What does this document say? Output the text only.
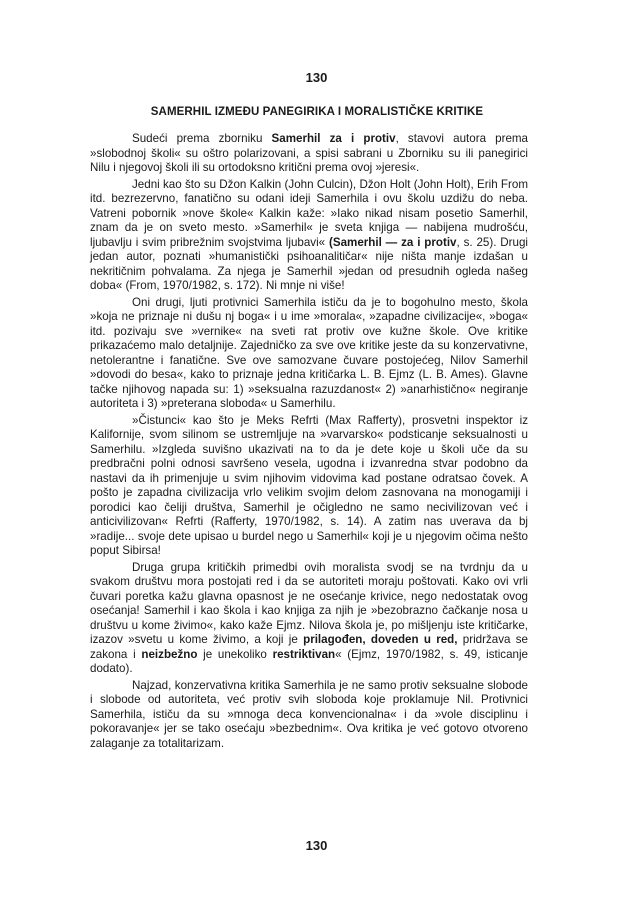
130
SAMERHIL IZMEĐU PANEGIRIKA I MORALISTIČKE KRITIKE

Sudeći prema zborniku Samerhil za i protiv, stavovi autora prema »slobodnoj školi« su oštro polarizovani, a spisi sabrani u Zborniku su ili panegirici Nilu i njegovoj školi ili su ortodoksno kritični prema ovoj »jeresi«.

Jedni kao što su Džon Kalkin (John Culcin), Džon Holt (John Holt), Erih From itd. bezrezervno, fanatično su odani ideji Samerhila i ovu školu uzdižu do neba. Vatreni pobornik »nove škole« Kalkin kaže: »Iako nikad nisam posetio Samerhil, znam da je on sveto mesto. »Samerhil« je sveta knjiga — nabijena mudrošću, ljubavlju i svim pribrežnim svojstvima ljubavi« (Samerhil — za i protiv, s. 25). Drugi jedan autor, poznati »humanistički psihoanalitičar« nije ništa manje izdašan u nekritičnim pohvalama. Za njega je Samerhil »jedan od presudnih ogleda našeg doba« (From, 1970/1982, s. 172). Ni mnje ni više!

Oni drugi, ljuti protivnici Samerhila ističu da je to bogohulno mesto, škola »koja ne priznaje ni dušu nj boga« i u ime »morala«, »zapadne civilizacije«, »boga« itd. pozivaju sve »vernike« na sveti rat protiv ove kužne škole. Ove kritike prikazaćemo malo detaljnije. Zajedničko za sve ove kritike jeste da su konzervativne, netolerantne i fanatične. Sve ove samozvane čuvare postojećeg, Nilov Samerhil »dovodi do besa«, kako to priznaje jedna kritičarka L. B. Ejmz (L. B. Ames). Glavne tačke njihovog napada su: 1) »seksualna razuzdanost« 2) »anarhistično« negiranje autoriteta i 3) »preterana sloboda« u Samerhilu.

»Čistunci« kao što je Meks Refrti (Max Rafferty), prosvetni inspektor iz Kalifornije, svom silinom se ustremljuje na »varvarsko« podsticanje seksualnosti u Samerhilu. »Izgleda suvišno ukazivati na to da je dete koje u školi uče da su predbračni polni odnosi savršeno vesela, ugodna i izvanredna stvar podobno da nastavi da ih primenjuje u svim njihovim vidovima kad postane odratsao čovek. A pošto je zapadna civilizacija vrlo velikim svojim delom zasnovana na monogamiji i porodici kao čeliji društva, Samerhil je očigledno ne samo necivilizovan već i anticivilizovan« Refrti (Rafferty, 1970/1982, s. 14). A zatim nas uverava da bj »radije... svoje dete upisao u burdel nego u Samerhil« koji je u njegovim očima nešto poput Sibirsa!

Druga grupa kritičkih primedbi ovih moralista svodj se na tvrdnju da u svakom društvu mora postojati red i da se autoriteti moraju poštovati. Kako ovi vrli čuvari poretka kažu glavna opasnost je ne osećanje krivice, nego nedostatak ovog osećanja! Samerhil i kao škola i kao knjiga za njih je »bezobrazno čačkanje nosa u društvu u kome živimo«, kako kaže Ejmz. Nilova škola je, po mišljenju iste kritičarke, izazov »svetu u kome živimo, a koji je prilagođen, doveden u red, pridržava se zakona i neizbežno je unekoliko restriktivan« (Ejmz, 1970/1982, s. 49, isticanje dodato).

Najzad, konzervativna kritika Samerhila je ne samo protiv seksualne slobode i slobode od autoriteta, već protiv svih sloboda koje proklamuje Nil. Protivnici Samerhila, ističu da su »mnoga deca konvencionalna« i da »vole disciplinu i pokoravanje« jer se tako osećaju »bezbednim«. Ova kritika je već gotovo otvoreno zalaganje za totalitarizam.

130
